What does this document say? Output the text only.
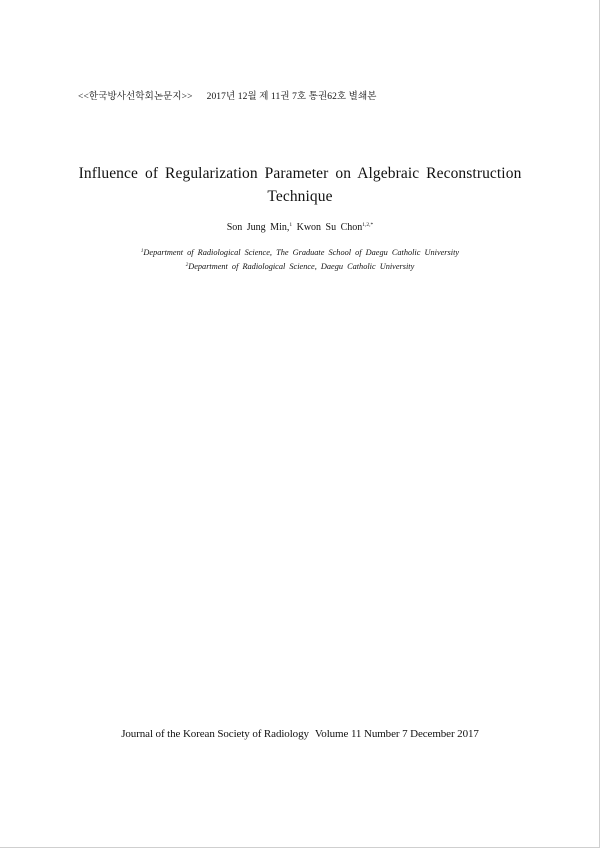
<<한국방사선학회논문지>> 2017년 12월 제 11권 7호 통권62호 별쇄본
Influence of Regularization Parameter on Algebraic Reconstruction Technique
Son Jung Min,$^1$ Kwon Su Chon$^{1,2,*}$
$^1$Department of Radiological Science, The Graduate School of Daegu Catholic University
$^2$Department of Radiological Science, Daegu Catholic University
Journal of the Korean Society of Radiology Volume 11 Number 7 December 2017
